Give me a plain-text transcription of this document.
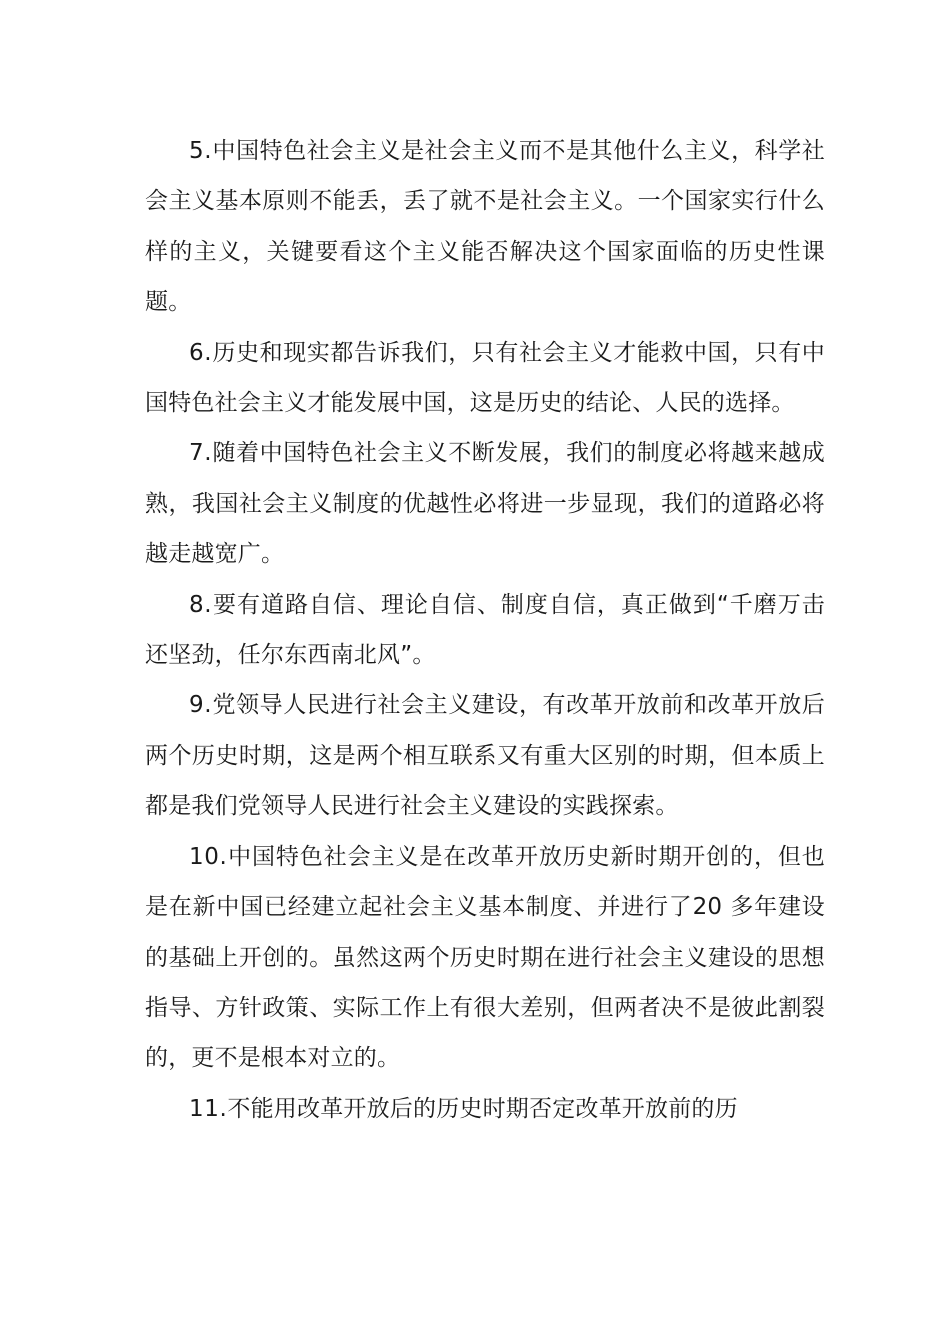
5.中国特色社会主义是社会主义而不是其他什么主义，科学社会主义基本原则不能丢，丢了就不是社会主义。一个国家实行什么样的主义，关键要看这个主义能否解决这个国家面临的历史性课题。

6.历史和现实都告诉我们，只有社会主义才能救中国，只有中国特色社会主义才能发展中国，这是历史的结论、人民的选择。

7.随着中国特色社会主义不断发展，我们的制度必将越来越成熟，我国社会主义制度的优越性必将进一步显现，我们的道路必将越走越宽广。

8.要有道路自信、理论自信、制度自信，真正做到“千磨万击还坚劲，任尔东西南北风”。

9.党领导人民进行社会主义建设，有改革开放前和改革开放后两个历史时期，这是两个相互联系又有重大区别的时期，但本质上都是我们党领导人民进行社会主义建设的实践探索。

10.中国特色社会主义是在改革开放历史新时期开创的，但也是在新中国已经建立起社会主义基本制度、并进行了20 多年建设的基础上开创的。虽然这两个历史时期在进行社会主义建设的思想指导、方针政策、实际工作上有很大差别，但两者决不是彼此割裂的，更不是根本对立的。

11.不能用改革开放后的历史时期否定改革开放前的历
